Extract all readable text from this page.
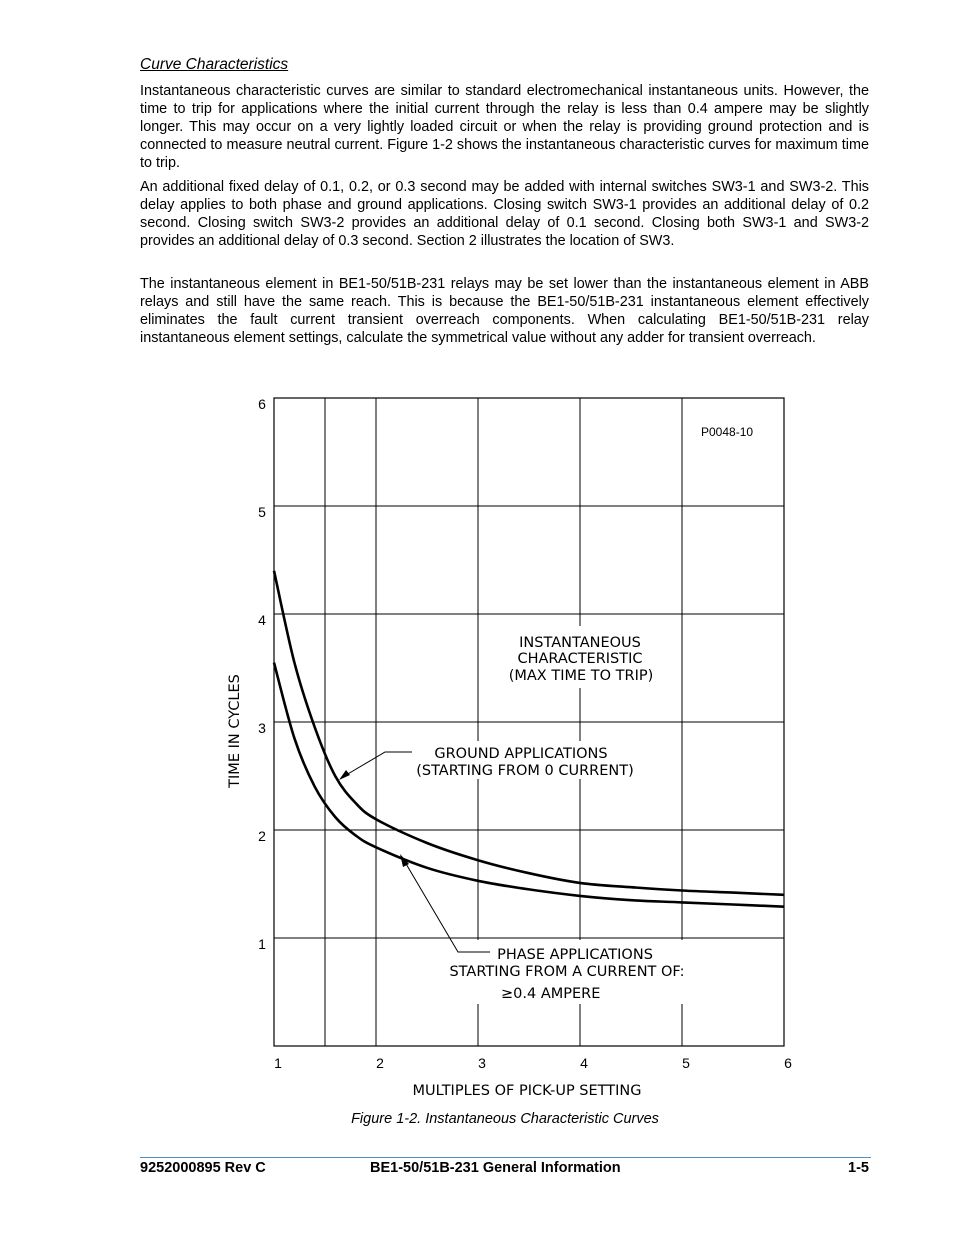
Curve Characteristics

Instantaneous characteristic curves are similar to standard electromechanical instantaneous units. However, the time to trip for applications where the initial current through the relay is less than 0.4 ampere may be slightly longer. This may occur on a very lightly loaded circuit or when the relay is providing ground protection and is connected to measure neutral current. Figure 1-2 shows the instantaneous characteristic curves for maximum time to trip.

An additional fixed delay of 0.1, 0.2, or 0.3 second may be added with internal switches SW3-1 and SW3-2. This delay applies to both phase and ground applications. Closing switch SW3-1 provides an additional delay of 0.2 second. Closing switch SW3-2 provides an additional delay of 0.1 second. Closing both SW3-1 and SW3-2 provides an additional delay of 0.3 second. Section 2 illustrates the location of SW3.

The instantaneous element in BE1-50/51B-231 relays may be set lower than the instantaneous element in ABB relays and still have the same reach. This is because the BE1-50/51B-231 instantaneous element effectively eliminates the fault current transient overreach components. When calculating BE1-50/51B-231 relay instantaneous element settings, calculate the symmetrical value without any adder for transient overreach.

6
5
4
3
2
1
1	2	3	4	5	6
P0048-10
INSTANTANEOUS
CHARACTERISTIC
(MAX TIME TO TRIP)
GROUND APPLICATIONS
(STARTING FROM 0 CURRENT)
PHASE APPLICATIONS
STARTING FROM A CURRENT OF:
≥0.4 AMPERE
MULTIPLES OF PICK-UP SETTING
TIME IN CYCLES

Figure 1-2. Instantaneous Characteristic Curves

9252000895 Rev C	BE1-50/51B-231 General Information	1-5
